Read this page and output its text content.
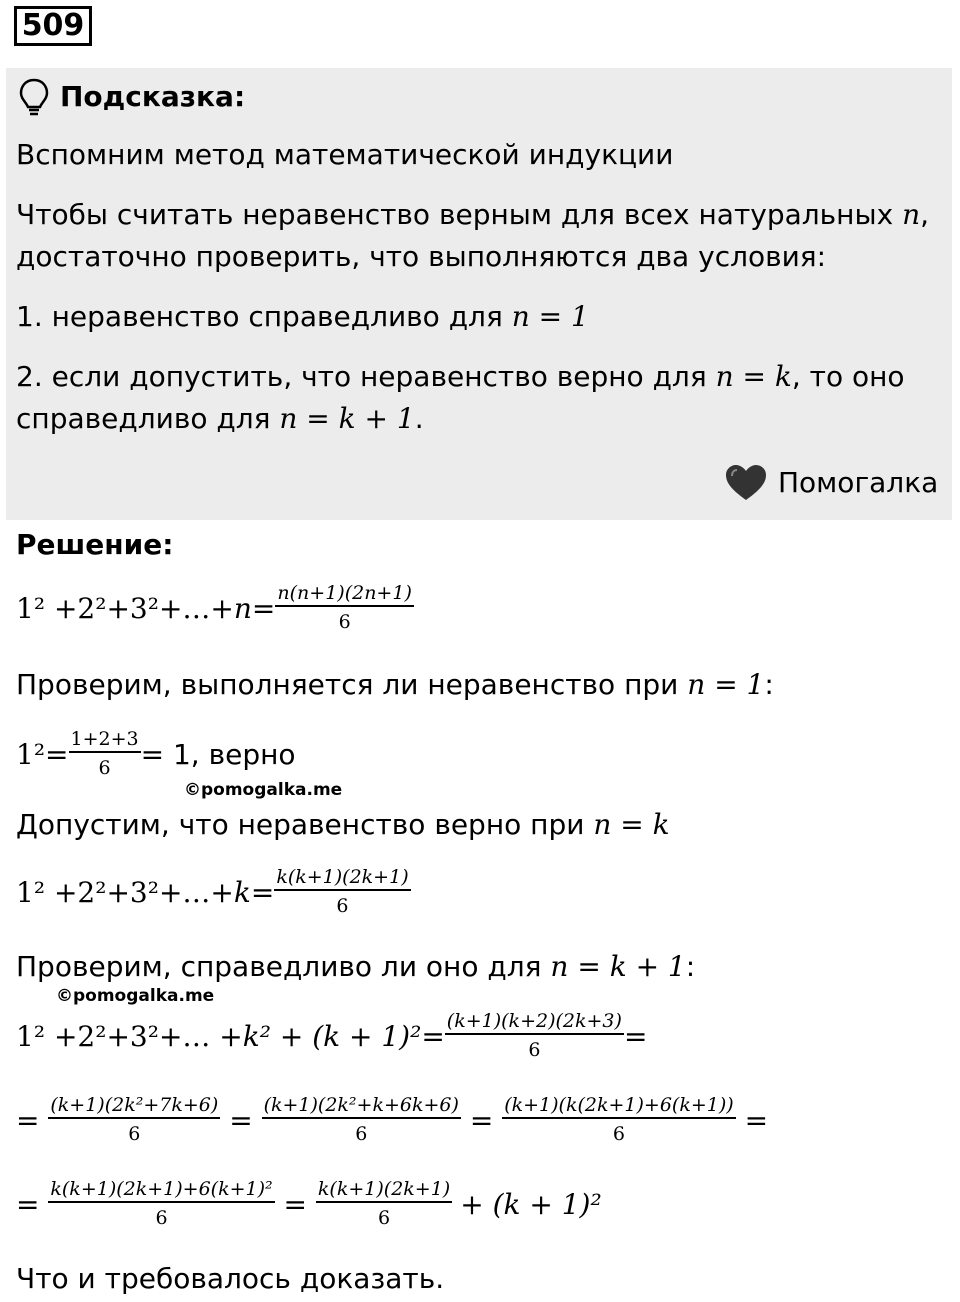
509
Подсказка:
Вспомним метод математической индукции
Чтобы считать неравенство верным для всех натуральных n,
достаточно проверить, что выполняются два условия:
1. неравенство справедливо для n = 1
2. если допустить, что неравенство верно для n = k, то оно
справедливо для n = k + 1.
Помогалка
Решение:
1² +2²+3²+…+ $n = \frac{n(n+1)(2n+1)}{6}$
Проверим, выполняется ли неравенство при n = 1:
$1^2= \frac{1+2+3}{6} = 1$, верно
©pomogalka.me
Допустим, что неравенство верно при n = k
1² +2²+3²+…+ $k = \frac{k(k+1)(2k+1)}{6}$
Проверим, справедливо ли оно для n = k + 1:
©pomogalka.me
1² +2²+3²+… + $k^2 + (k + 1)^2= \frac{(k+1)(k+2)(2k+3)}{6}$ =
= $\frac{\text{(k+1)(2k²+7k+6)}}{6} = \frac{\text{(k+1)(2k²+k+6k+6)}}{6} = \frac{(k+1)(k(2k+1)+6(k+1))}{6}$ =
= $\frac{\text{k(k+1)(2k+1)+6(k+1)²}}{6} = \frac{k(k+1)(2k+1)}{6} + (k + 1)^2$
Что и требовалось доказать.
